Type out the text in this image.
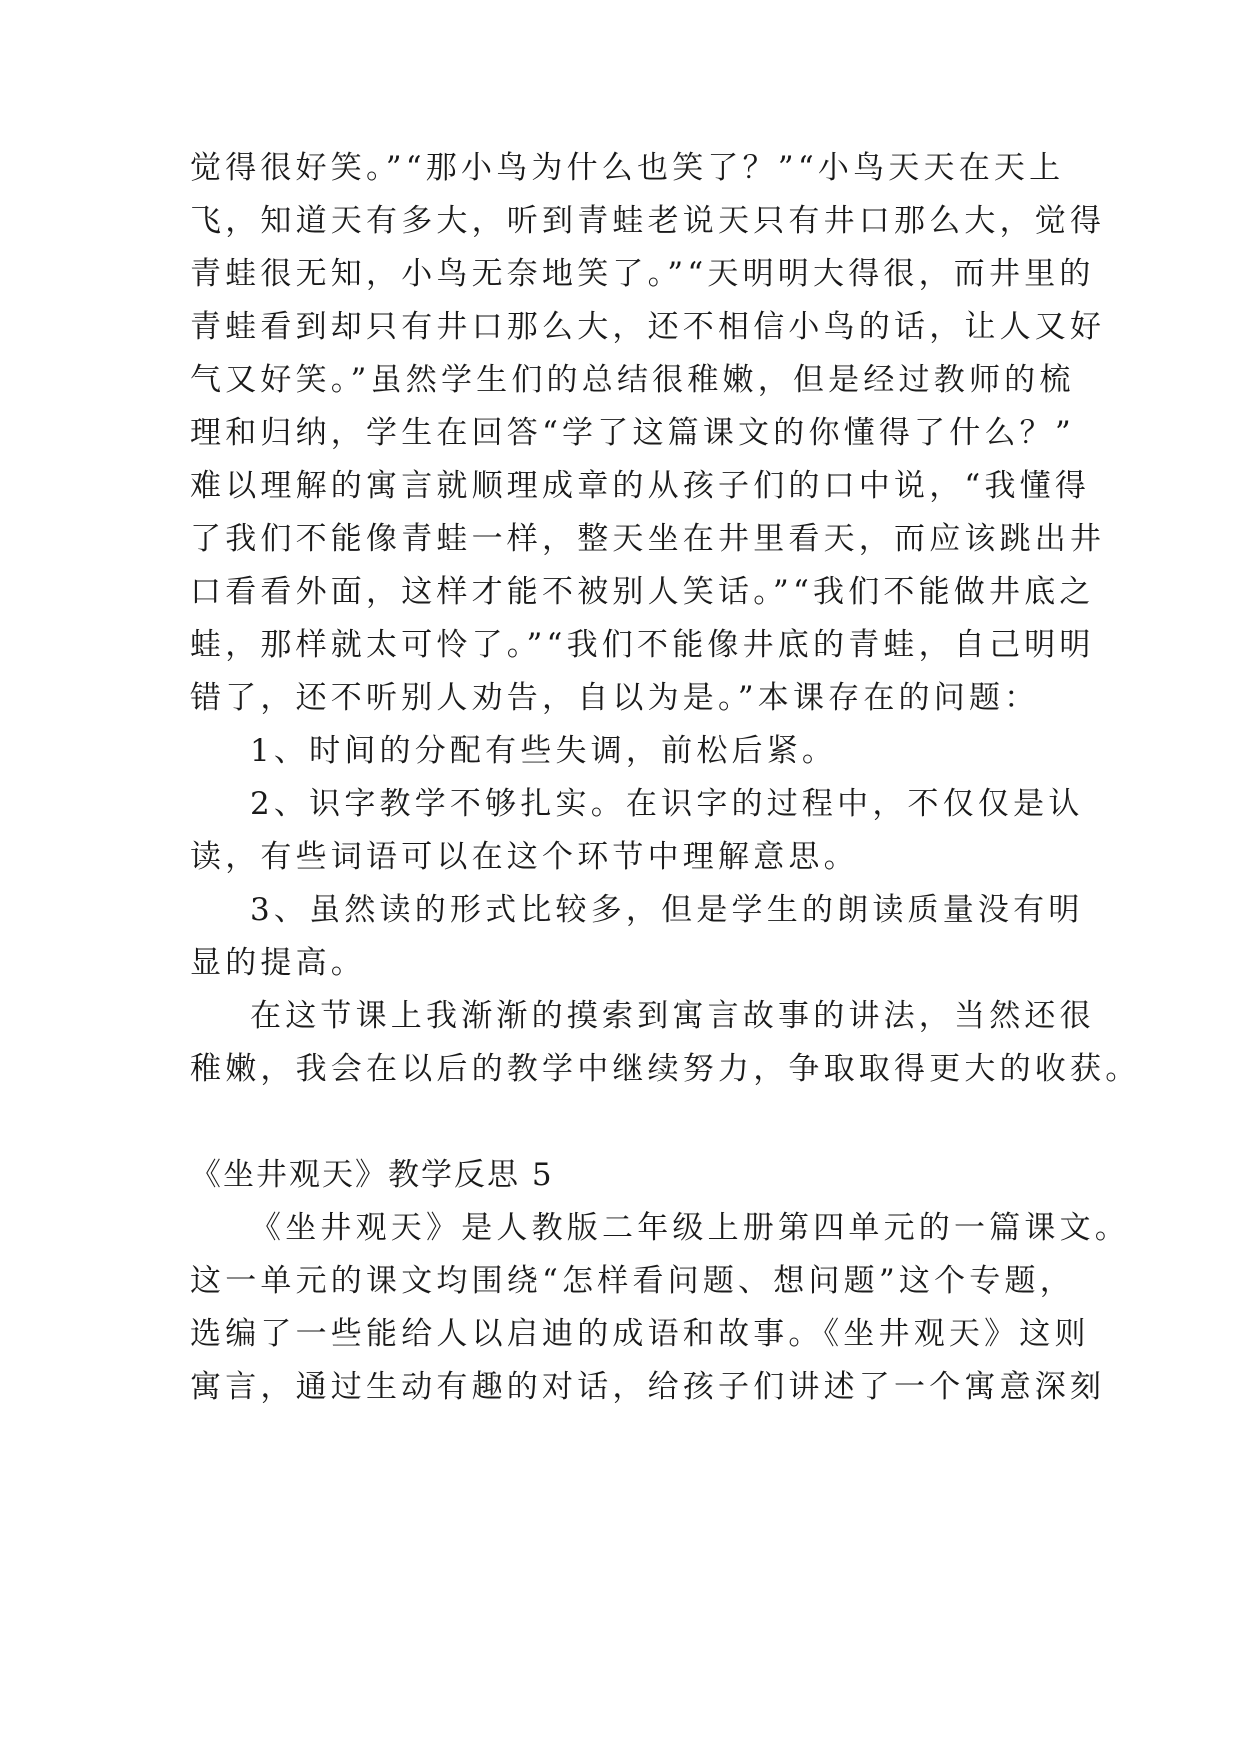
觉得很好笑。”“那小鸟为什么也笑了？”“小鸟天天在天上
飞，知道天有多大，听到青蛙老说天只有井口那么大，觉得
青蛙很无知，小鸟无奈地笑了。”“天明明大得很，而井里的
青蛙看到却只有井口那么大，还不相信小鸟的话，让人又好
气又好笑。”虽然学生们的总结很稚嫩，但是经过教师的梳
理和归纳，学生在回答“学了这篇课文的你懂得了什么？”
难以理解的寓言就顺理成章的从孩子们的口中说，“我懂得
了我们不能像青蛙一样，整天坐在井里看天，而应该跳出井
口看看外面，这样才能不被别人笑话。”“我们不能做井底之
蛙，那样就太可怜了。”“我们不能像井底的青蛙，自己明明
错了，还不听别人劝告，自以为是。”本课存在的问题：
1、时间的分配有些失调，前松后紧。
2、识字教学不够扎实。在识字的过程中，不仅仅是认
读，有些词语可以在这个环节中理解意思。
3、虽然读的形式比较多，但是学生的朗读质量没有明
显的提高。
在这节课上我渐渐的摸索到寓言故事的讲法，当然还很
稚嫩，我会在以后的教学中继续努力，争取取得更大的收获。
《坐井观天》教学反思 5
《坐井观天》是人教版二年级上册第四单元的一篇课文。
这一单元的课文均围绕“怎样看问题、想问题”这个专题，
选编了一些能给人以启迪的成语和故事。《坐井观天》这则
寓言，通过生动有趣的对话，给孩子们讲述了一个寓意深刻
